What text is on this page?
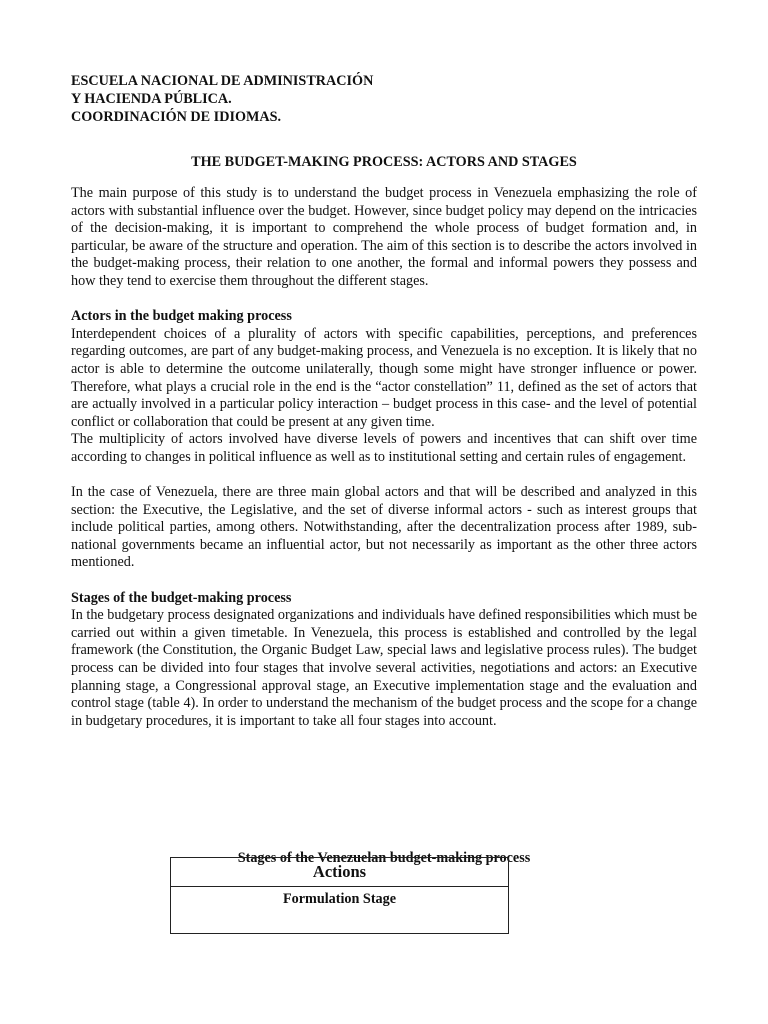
ESCUELA NACIONAL DE ADMINISTRACIÓN

Y HACIENDA PÚBLICA.

COORDINACIÓN DE IDIOMAS.

THE BUDGET-MAKING PROCESS: ACTORS AND STAGES

The main purpose of this study is to understand the budget process in Venezuela emphasizing the role of actors with substantial influence over the budget. However, since budget policy may depend on the intricacies of the decision-making, it is important to comprehend the whole process of budget formation and, in particular, be aware of the structure and operation. The aim of this section is to describe the actors involved in the budget-making process, their relation to one another, the formal and informal powers they possess and how they tend to exercise them throughout the different stages.

Actors in the budget making process

Interdependent choices of a plurality of actors with specific capabilities, perceptions, and preferences regarding outcomes, are part of any budget-making process, and Venezuela is no exception. It is likely that no actor is able to determine the outcome unilaterally, though some might have stronger influence or power. Therefore, what plays a crucial role in the end is the “actor constellation” 11, defined as the set of actors that are actually involved in a particular policy interaction – budget process in this case- and the level of potential conflict or collaboration that could be present at any given time.

The multiplicity of actors involved have diverse levels of powers and incentives that can shift over time according to changes in political influence as well as to institutional setting and certain rules of engagement.

In the case of Venezuela, there are three main global actors and that will be described and analyzed in this section: the Executive, the Legislative, and the set of diverse informal actors - such as interest groups that include political parties, among others. Notwithstanding, after the decentralization process after 1989, sub-national governments became an influential actor, but not necessarily as important as the other three actors mentioned.

Stages of the budget-making process

In the budgetary process designated organizations and individuals have defined responsibilities which must be carried out within a given timetable. In Venezuela, this process is established and controlled by the legal framework (the Constitution, the Organic Budget Law, special laws and legislative process rules). The budget process can be divided into four stages that involve several activities, negotiations and actors: an Executive planning stage, a Congressional approval stage, an Executive implementation stage and the evaluation and control stage (table 4). In order to understand the mechanism of the budget process and the scope for a change in budgetary procedures, it is important to take all four stages into account.

Stages of the Venezuelan budget-making process

Actions
Formulation Stage
